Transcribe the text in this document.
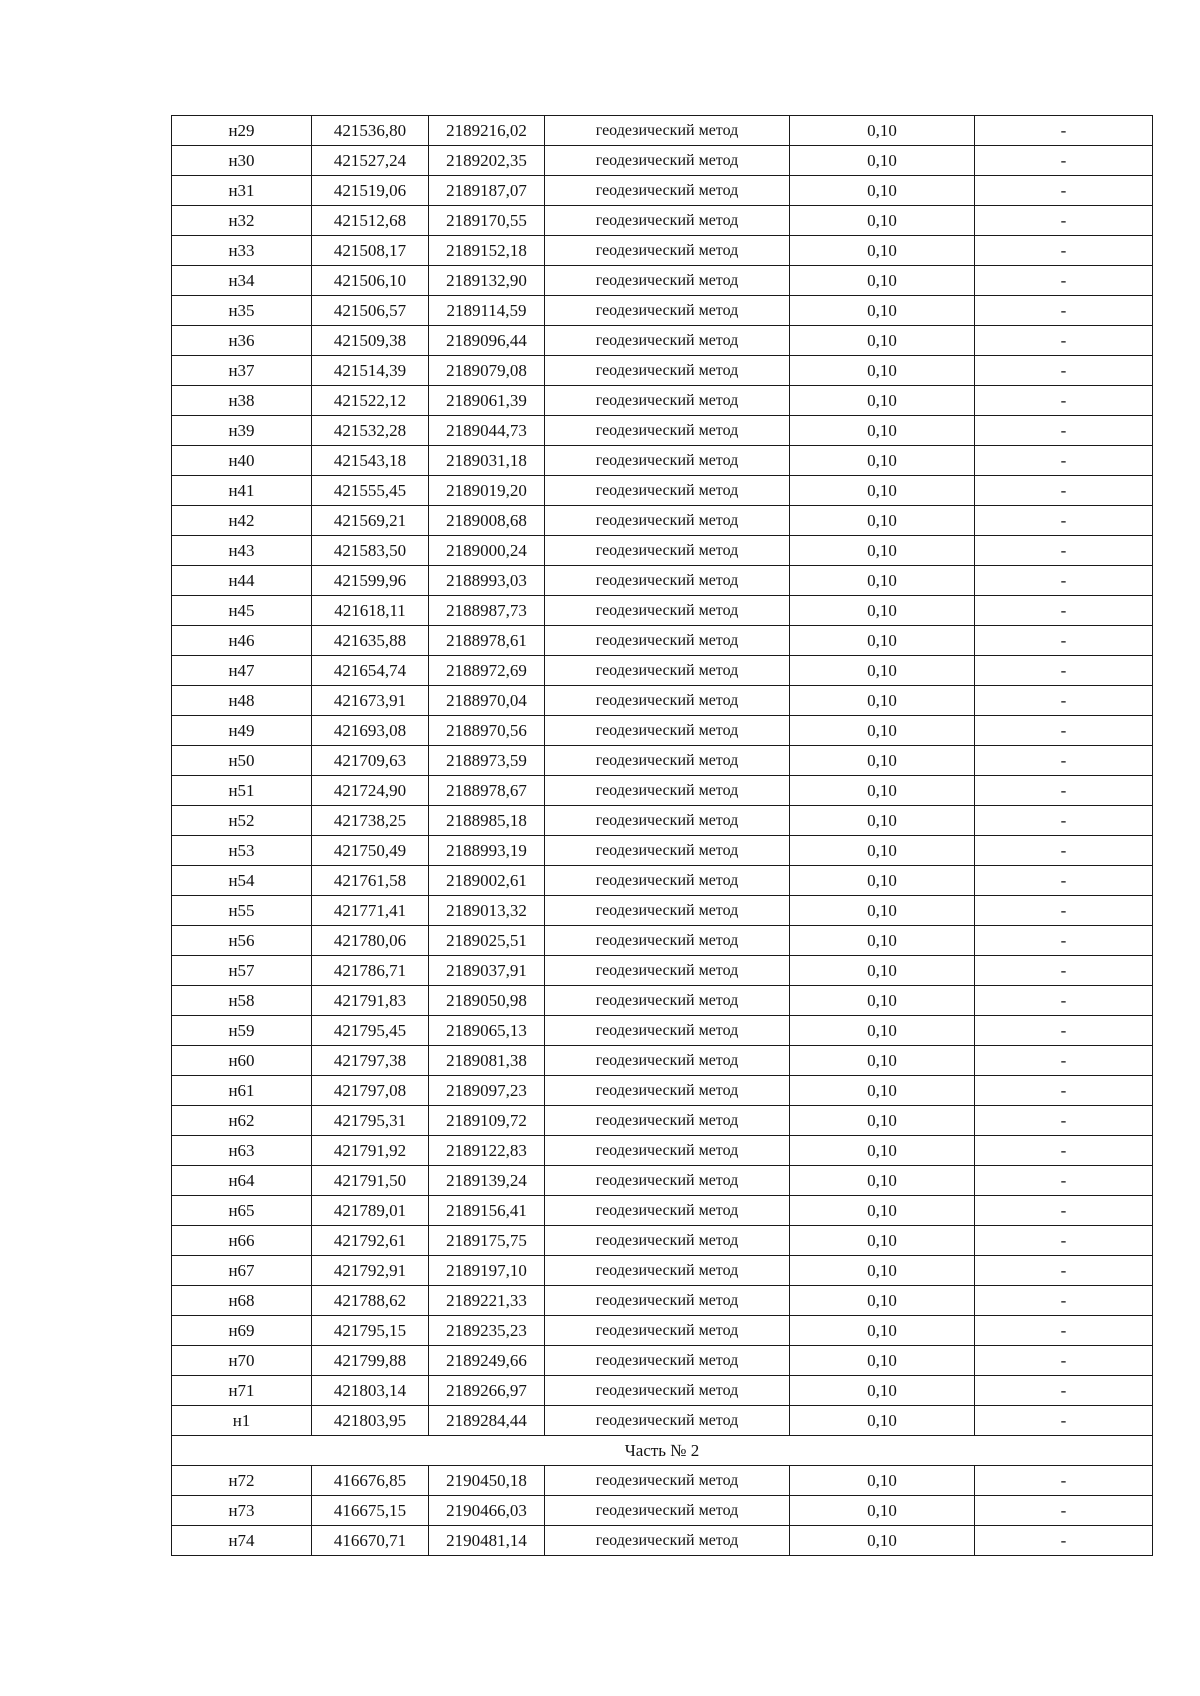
н29	421536,80	2189216,02	геодезический метод	0,10	-
н30	421527,24	2189202,35	геодезический метод	0,10	-
н31	421519,06	2189187,07	геодезический метод	0,10	-
н32	421512,68	2189170,55	геодезический метод	0,10	-
н33	421508,17	2189152,18	геодезический метод	0,10	-
н34	421506,10	2189132,90	геодезический метод	0,10	-
н35	421506,57	2189114,59	геодезический метод	0,10	-
н36	421509,38	2189096,44	геодезический метод	0,10	-
н37	421514,39	2189079,08	геодезический метод	0,10	-
н38	421522,12	2189061,39	геодезический метод	0,10	-
н39	421532,28	2189044,73	геодезический метод	0,10	-
н40	421543,18	2189031,18	геодезический метод	0,10	-
н41	421555,45	2189019,20	геодезический метод	0,10	-
н42	421569,21	2189008,68	геодезический метод	0,10	-
н43	421583,50	2189000,24	геодезический метод	0,10	-
н44	421599,96	2188993,03	геодезический метод	0,10	-
н45	421618,11	2188987,73	геодезический метод	0,10	-
н46	421635,88	2188978,61	геодезический метод	0,10	-
н47	421654,74	2188972,69	геодезический метод	0,10	-
н48	421673,91	2188970,04	геодезический метод	0,10	-
н49	421693,08	2188970,56	геодезический метод	0,10	-
н50	421709,63	2188973,59	геодезический метод	0,10	-
н51	421724,90	2188978,67	геодезический метод	0,10	-
н52	421738,25	2188985,18	геодезический метод	0,10	-
н53	421750,49	2188993,19	геодезический метод	0,10	-
н54	421761,58	2189002,61	геодезический метод	0,10	-
н55	421771,41	2189013,32	геодезический метод	0,10	-
н56	421780,06	2189025,51	геодезический метод	0,10	-
н57	421786,71	2189037,91	геодезический метод	0,10	-
н58	421791,83	2189050,98	геодезический метод	0,10	-
н59	421795,45	2189065,13	геодезический метод	0,10	-
н60	421797,38	2189081,38	геодезический метод	0,10	-
н61	421797,08	2189097,23	геодезический метод	0,10	-
н62	421795,31	2189109,72	геодезический метод	0,10	-
н63	421791,92	2189122,83	геодезический метод	0,10	-
н64	421791,50	2189139,24	геодезический метод	0,10	-
н65	421789,01	2189156,41	геодезический метод	0,10	-
н66	421792,61	2189175,75	геодезический метод	0,10	-
н67	421792,91	2189197,10	геодезический метод	0,10	-
н68	421788,62	2189221,33	геодезический метод	0,10	-
н69	421795,15	2189235,23	геодезический метод	0,10	-
н70	421799,88	2189249,66	геодезический метод	0,10	-
н71	421803,14	2189266,97	геодезический метод	0,10	-
н1	421803,95	2189284,44	геодезический метод	0,10	-
Часть № 2					
н72	416676,85	2190450,18	геодезический метод	0,10	-
н73	416675,15	2190466,03	геодезический метод	0,10	-
н74	416670,71	2190481,14	геодезический метод	0,10	-
